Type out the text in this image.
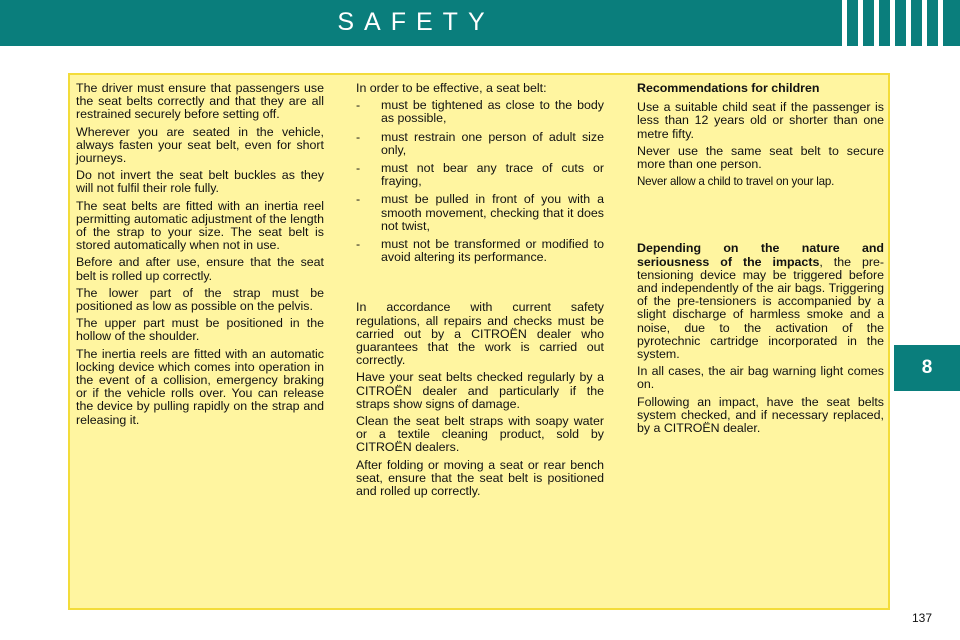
SAFETY
8

The driver must ensure that passengers use the seat belts correctly and that they are all restrained securely before setting off.

Wherever you are seated in the vehicle, always fasten your seat belt, even for short journeys.

Do not invert the seat belt buckles as they will not fulfil their role fully.

The seat belts are fitted with an inertia reel permitting automatic adjustment of the length of the strap to your size. The seat belt is stored automatically when not in use.

Before and after use, ensure that the seat belt is rolled up correctly.

The lower part of the strap must be positioned as low as possible on the pelvis.

The upper part must be positioned in the hollow of the shoulder.

The inertia reels are fitted with an automatic locking device which comes into operation in the event of a collision, emergency braking or if the vehicle rolls over. You can release the device by pulling rapidly on the strap and releasing it.

In order to be effective, a seat belt:

- must be tightened as close to the body as possible,
- must restrain one person of adult size only,
- must not bear any trace of cuts or fraying,
- must be pulled in front of you with a smooth movement, checking that it does not twist,
- must not be transformed or modified to avoid altering its performance.

In accordance with current safety regulations, all repairs and checks must be carried out by a CITROËN dealer who guarantees that the work is carried out correctly.

Have your seat belts checked regularly by a CITROËN dealer and particularly if the straps show signs of damage.

Clean the seat belt straps with soapy water or a textile cleaning product, sold by CITROËN dealers.

After folding or moving a seat or rear bench seat, ensure that the seat belt is positioned and rolled up correctly.

Recommendations for children

Use a suitable child seat if the passenger is less than 12 years old or shorter than one metre fifty.

Never use the same seat belt to secure more than one person.

Never allow a child to travel on your lap.

Depending on the nature and seriousness of the impacts, the pre-tensioning device may be triggered before and independently of the air bags. Triggering of the pre-tensioners is accompanied by a slight discharge of harmless smoke and a noise, due to the activation of the pyrotechnic cartridge incorporated in the system.

In all cases, the air bag warning light comes on.

Following an impact, have the seat belts system checked, and if necessary replaced, by a CITROËN dealer.

137
